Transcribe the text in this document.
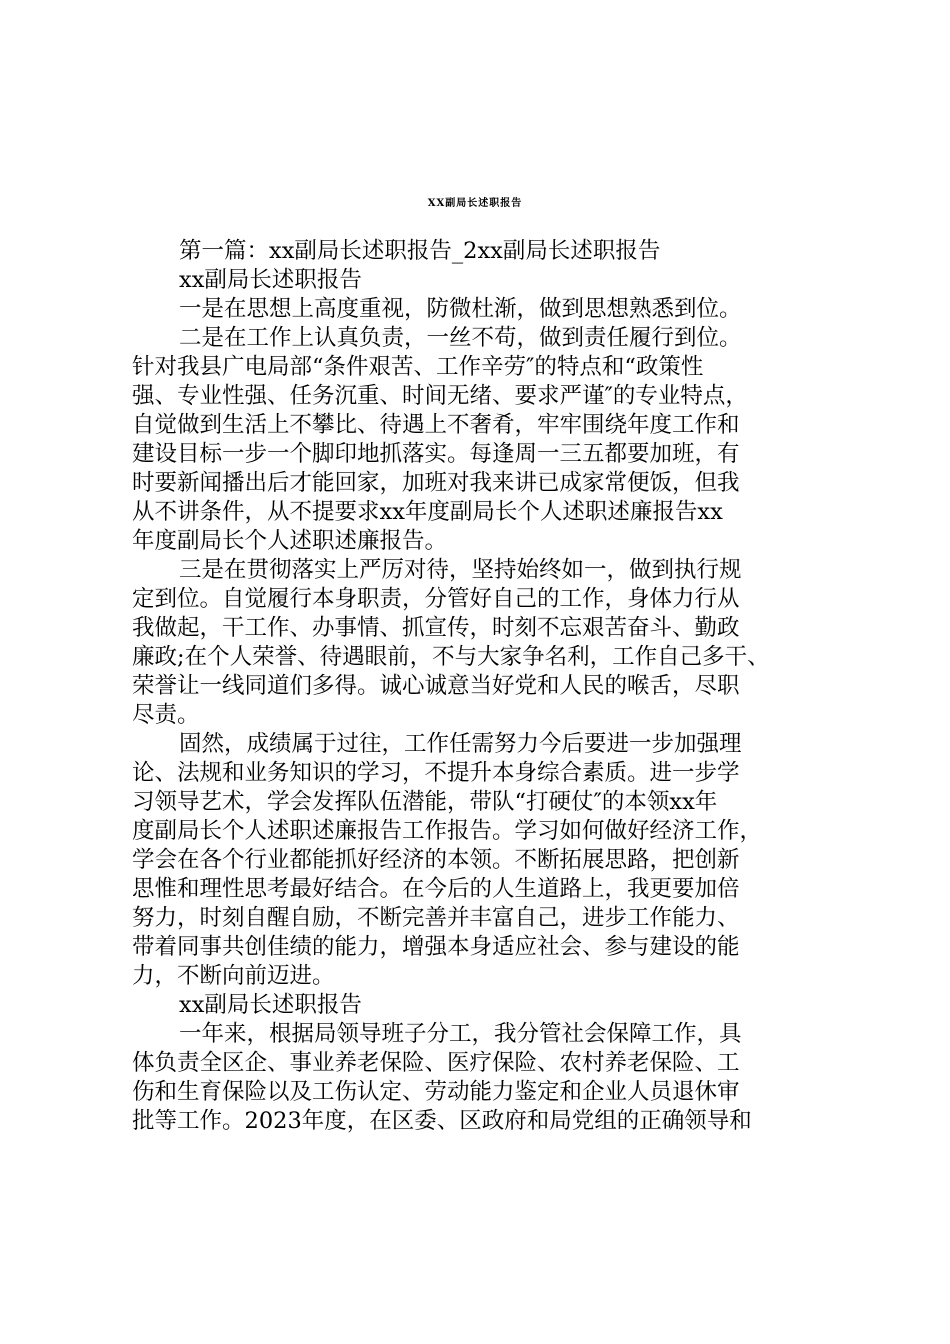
XX副局长述职报告

第一篇：xx副局长述职报告_2xx副局长述职报告

xx副局长述职报告

一是在思想上高度重视，防微杜渐，做到思想熟悉到位。

二是在工作上认真负责，一丝不苟，做到责任履行到位。

针对我县广电局部“条件艰苦、工作辛劳″的特点和“政策性

强、专业性强、任务沉重、时间无绪、要求严谨″的专业特点，

自觉做到生活上不攀比、待遇上不奢肴，牢牢围绕年度工作和

建设目标一步一个脚印地抓落实。每逢周一三五都要加班，有

时要新闻播出后才能回家，加班对我来讲已成家常便饭，但我

从不讲条件，从不提要求xx年度副局长个人述职述廉报告xx

年度副局长个人述职述廉报告。

三是在贯彻落实上严厉对待，坚持始终如一，做到执行规

定到位。自觉履行本身职责，分管好自己的工作，身体力行从

我做起，干工作、办事情、抓宣传，时刻不忘艰苦奋斗、勤政

廉政;在个人荣誉、待遇眼前，不与大家争名利，工作自己多干、

荣誉让一线同道们多得。诚心诚意当好党和人民的喉舌，尽职

尽责。

固然，成绩属于过往，工作任需努力今后要进一步加强理

论、法规和业务知识的学习，不提升本身综合素质。进一步学

习领导艺术，学会发挥队伍潜能，带队“打硬仗″的本领xx年

度副局长个人述职述廉报告工作报告。学习如何做好经济工作，

学会在各个行业都能抓好经济的本领。不断拓展思路，把创新

思惟和理性思考最好结合。在今后的人生道路上，我更要加倍

努力，时刻自醒自励，不断完善并丰富自己，进步工作能力、

带着同事共创佳绩的能力，增强本身适应社会、参与建设的能

力，不断向前迈进。

xx副局长述职报告

一年来，根据局领导班子分工，我分管社会保障工作，具

体负责全区企、事业养老保险、医疗保险、农村养老保险、工

伤和生育保险以及工伤认定、劳动能力鉴定和企业人员退休审

批等工作。2023年度，在区委、区政府和局党组的正确领导和
